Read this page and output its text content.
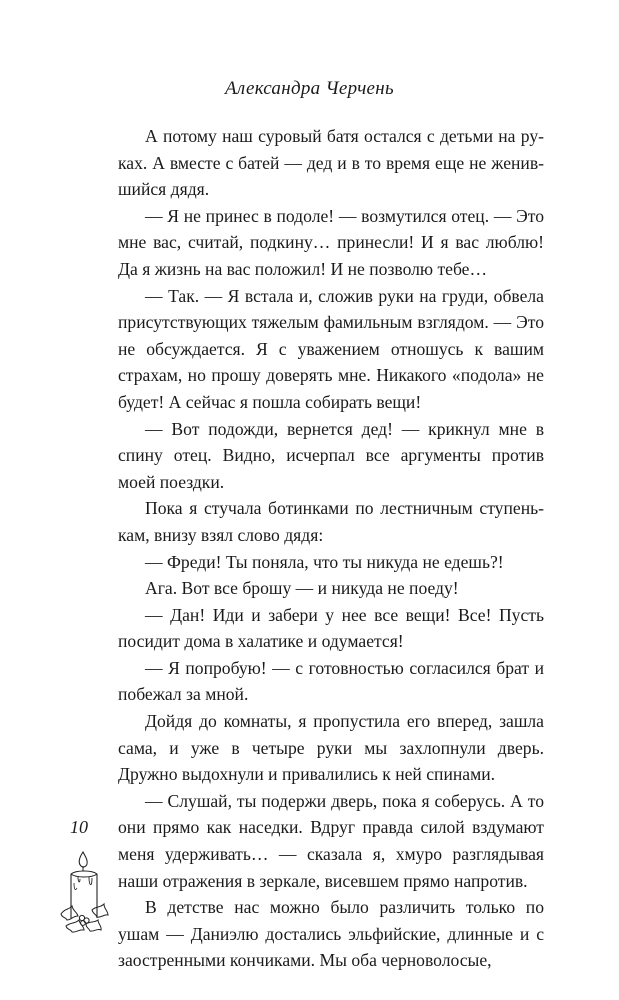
Александра Черчень

А потому наш суровый батя остался с детьми на руках. А вместе с батей — дед и в то время еще не женившийся дядя.

— Я не принес в подоле! — возмутился отец. — Это мне вас, считай, подкину… принесли! И я вас люблю! Да я жизнь на вас положил! И не позволю тебе…

— Так. — Я встала и, сложив руки на груди, обвела присутствующих тяжелым фамильным взглядом. — Это не обсуждается. Я с уважением отношусь к вашим страхам, но прошу доверять мне. Никакого «подола» не будет! А сейчас я пошла собирать вещи!

— Вот подожди, вернется дед! — крикнул мне в спину отец. Видно, исчерпал все аргументы против моей поездки.

Пока я стучала ботинками по лестничным ступенькам, внизу взял слово дядя:

— Фреди! Ты поняла, что ты никуда не едешь?!

Ага. Вот все брошу — и никуда не поеду!

— Дан! Иди и забери у нее все вещи! Все! Пусть посидит дома в халатике и одумается!

— Я попробую! — с готовностью согласился брат и побежал за мной.

Дойдя до комнаты, я пропустила его вперед, зашла сама, и уже в четыре руки мы захлопнули дверь. Дружно выдохнули и привалились к ней спинами.

— Слушай, ты подержи дверь, пока я соберусь. А то они прямо как наседки. Вдруг правда силой вздумают меня удерживать… — сказала я, хмуро разглядывая наши отражения в зеркале, висевшем прямо напротив.

В детстве нас можно было различить только по ушам — Даниэлю достались эльфийские, длинные и с заостренными кончиками. Мы оба черноволосые,

10
